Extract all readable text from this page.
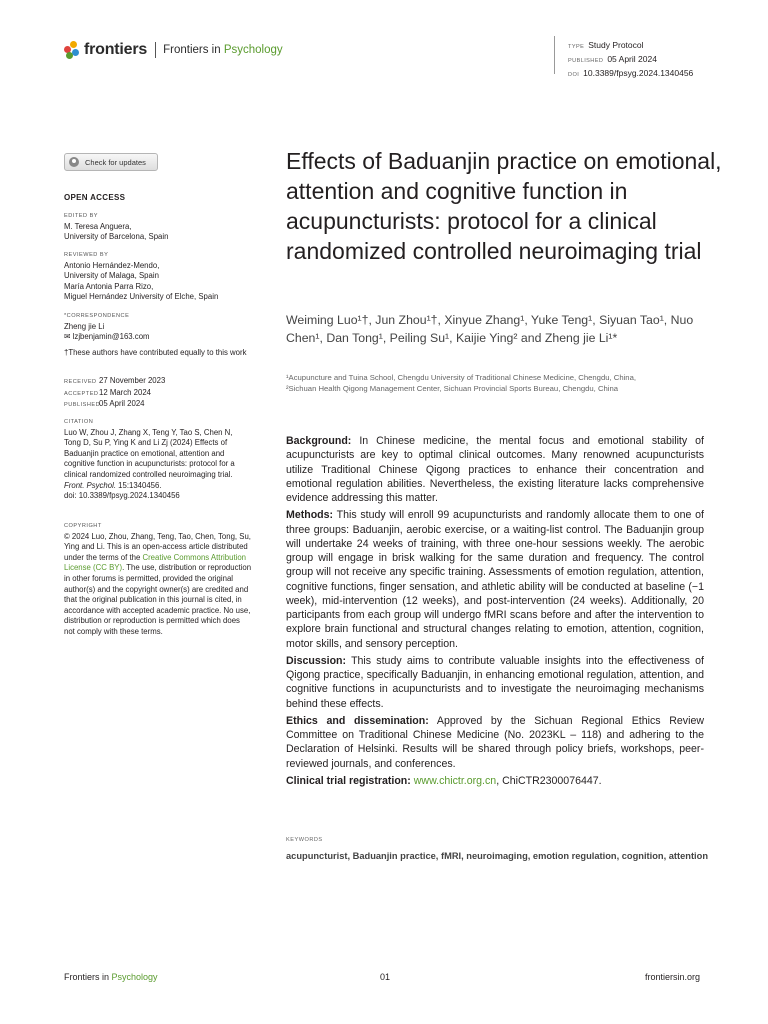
frontiers Frontiers in Psychology	TYPE Study Protocol
PUBLISHED 05 April 2024
DOI 10.3389/fpsyg.2024.1340456
Check for updates
OPEN ACCESS
EDITED BY
M. Teresa Anguera,
University of Barcelona, Spain
REVIEWED BY
Antonio Hernández-Mendo,
University of Malaga, Spain
María Antonia Parra Rizo,
Miguel Hernández University of Elche, Spain
*CORRESPONDENCE
Zheng jie Li
✉ lzjbenjamin@163.com
†These authors have contributed equally to this work
RECEIVED 27 November 2023
ACCEPTED12 March 2024
PUBLISHED05 April 2024
CITATION
Luo W, Zhou J, Zhang X, Teng Y, Tao S, Chen N, Tong D, Su P, Ying K and Li Zj (2024) Effects of Baduanjin practice on emotional, attention and cognitive function in acupuncturists: protocol for a clinical randomized controlled neuroimaging trial. Front. Psychol. 15:1340456.
doi: 10.3389/fpsyg.2024.1340456
COPYRIGHT
© 2024 Luo, Zhou, Zhang, Teng, Tao, Chen, Tong, Su, Ying and Li. This is an open-access article distributed under the terms of the Creative Commons Attribution License (CC BY). The use, distribution or reproduction in other forums is permitted, provided the original author(s) and the copyright owner(s) are credited and that the original publication in this journal is cited, in accordance with accepted academic practice. No use, distribution or reproduction is permitted which does not comply with these terms.
Effects of Baduanjin practice on emotional, attention and cognitive function in acupuncturists: protocol for a clinical randomized controlled neuroimaging trial
Weiming Luo¹†, Jun Zhou¹†, Xinyue Zhang¹, Yuke Teng¹, Siyuan Tao¹, Nuo Chen¹, Dan Tong¹, Peiling Su¹, Kaijie Ying² and Zheng jie Li¹*
¹Acupuncture and Tuina School, Chengdu University of Traditional Chinese Medicine, Chengdu, China,
²Sichuan Health Qigong Management Center, Sichuan Provincial Sports Bureau, Chengdu, China

Background: In Chinese medicine, the mental focus and emotional stability of acupuncturists are key to optimal clinical outcomes. Many renowned acupuncturists utilize Traditional Chinese Qigong practices to enhance their concentration and emotional regulation abilities. Nevertheless, the existing literature lacks comprehensive evidence addressing this matter.

Methods: This study will enroll 99 acupuncturists and randomly allocate them to one of three groups: Baduanjin, aerobic exercise, or a waiting-list control. The Baduanjin group will undertake 24 weeks of training, with three one-hour sessions weekly. The aerobic group will engage in brisk walking for the same duration and frequency. The control group will not receive any specific training. Assessments of emotion regulation, attention, cognitive functions, finger sensation, and athletic ability will be conducted at baseline (−1 week), mid-intervention (12 weeks), and post-intervention (24 weeks). Additionally, 20 participants from each group will undergo fMRI scans before and after the intervention to explore brain functional and structural changes relating to emotion, attention, cognition, motor skills, and sensory perception.

Discussion: This study aims to contribute valuable insights into the effectiveness of Qigong practice, specifically Baduanjin, in enhancing emotional regulation, attention, and cognitive functions in acupuncturists and to investigate the neuroimaging mechanisms behind these effects.

Ethics and dissemination: Approved by the Sichuan Regional Ethics Review Committee on Traditional Chinese Medicine (No. 2023KL – 118) and adhering to the Declaration of Helsinki. Results will be shared through policy briefs, workshops, peer-reviewed journals, and conferences.

Clinical trial registration: www.chictr.org.cn, ChiCTR2300076447.

KEYWORDS
acupuncturist, Baduanjin practice, fMRI, neuroimaging, emotion regulation, cognition, attention
Frontiers in Psychology	01	frontiersin.org
